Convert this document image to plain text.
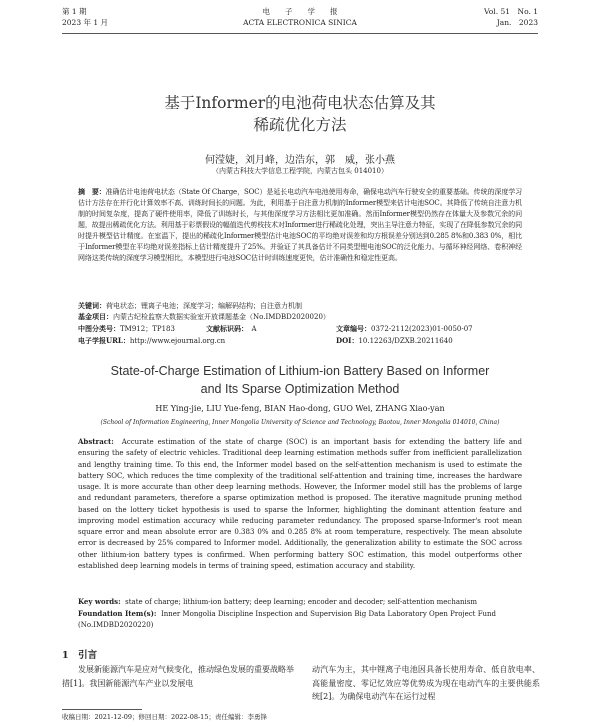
第 1 期
2023 年 1 月
电　　子　　学　　报
ACTA ELECTRONICA SINICA
Vol. 51　No. 1
Jan.　2023
基于Informer的电池荷电状态估算及其
稀疏优化方法
何滢婕，刘月峰，边浩东，郭　威，张小燕
（内蒙古科技大学信息工程学院，内蒙古包头 014010）
摘　要：准确估计电池荷电状态（State Of Charge，SOC）是延长电动汽车电池使用寿命，确保电动汽车行驶安全的重要基础。传统的深度学习估计方法存在并行化计算效率不高、训练时间长的问题。为此，利用基于自注意力机制的Informer模型来估计电池SOC。其降低了传统自注意力机制的时间复杂度，提高了硬件使用率，降低了训练时长，与其他深度学习方法相比更加准确。然而Informer模型仍然存在体量大及参数冗余的问题，故提出稀疏优化方法。利用基于彩票假设的幅值迭代剪枝技术对Informer进行稀疏化处理，突出主导注意力特征，实现了在降低参数冗余的同时提升模型估计精度。在室温下，提出的稀疏化Informer模型估计电池SOC的平均绝对误差和均方根误差分别达到0.285 8%和0.383 0%，相比于Informer模型在平均绝对误差指标上估计精度提升了25%。并验证了其具备估计不同类型锂电池SOC的泛化能力。与循环神经网络、卷积神经网络这类传统的深度学习模型相比，本模型进行电池SOC估计时训练速度更快，估计准确性和稳定性更高。
关键词：荷电状态；锂离子电池；深度学习；编解码结构；自注意力机制
基金项目：内蒙古纪检监察大数据实验室开放课题基金（No.IMDBD2020020）
中图分类号：TM912；TP183	文献标识码：　 A	文章编号：0372-2112(2023)01-0050-07
电子学报URL：http://www.ejournal.org.cn	DOI：10.12263/DZXB.20211640
State-of-Charge Estimation of Lithium-ion Battery Based on Informer
and Its Sparse Optimization Method
HE Ying-jie, LIU Yue-feng, BIAN Hao-dong, GUO Wei, ZHANG Xiao-yan
(School of Information Engineering, Inner Mongolia University of Science and Technology, Baotou, Inner Mongolia 014010, China)
Abstract: Accurate estimation of the state of charge (SOC) is an important basis for extending the battery life and ensuring the safety of electric vehicles. Traditional deep learning estimation methods suffer from inefficient parallelization and lengthy training time. To this end, the Informer model based on the self-attention mechanism is used to estimate the battery SOC, which reduces the time complexity of the traditional self-attention and training time, increases the hardware usage. It is more accurate than other deep learning methods. However, the Informer model still has the problems of large and redundant parameters, therefore a sparse optimization method is proposed. The iterative magnitude pruning method based on the lottery ticket hypothesis is used to sparse the Informer, highlighting the dominant attention feature and improving model estimation accuracy while reducing parameter redundancy. The proposed sparse-Informer's root mean square error and mean absolute error are 0.383 0% and 0.285 8% at room temperature, respectively. The mean absolute error is decreased by 25% compared to Informer model. Additionally, the generalization ability to estimate the SOC across other lithium-ion battery types is confirmed. When performing battery SOC estimation, this model outperforms other established deep learning models in terms of training speed, estimation accuracy and stability.
Key words: state of charge; lithium-ion battery; deep learning; encoder and decoder; self-attention mechanism
Foundation Item(s): Inner Mongolia Discipline Inspection and Supervision Big Data Laboratory Open Project Fund (No.IMDBD2020220)
1　引言
发展新能源汽车是应对气候变化，推动绿色发展的重要战略举措[1]。我国新能源汽车产业以发展电
动汽车为主，其中锂离子电池因具备长使用寿命、低自放电率、高能量密度、零记忆效应等优势成为现在电动汽车的主要供能系统[2]。为确保电动汽车在运行过程
收稿日期：2021-12-09；修回日期：2022-08-15；责任编辑：李勇锋
